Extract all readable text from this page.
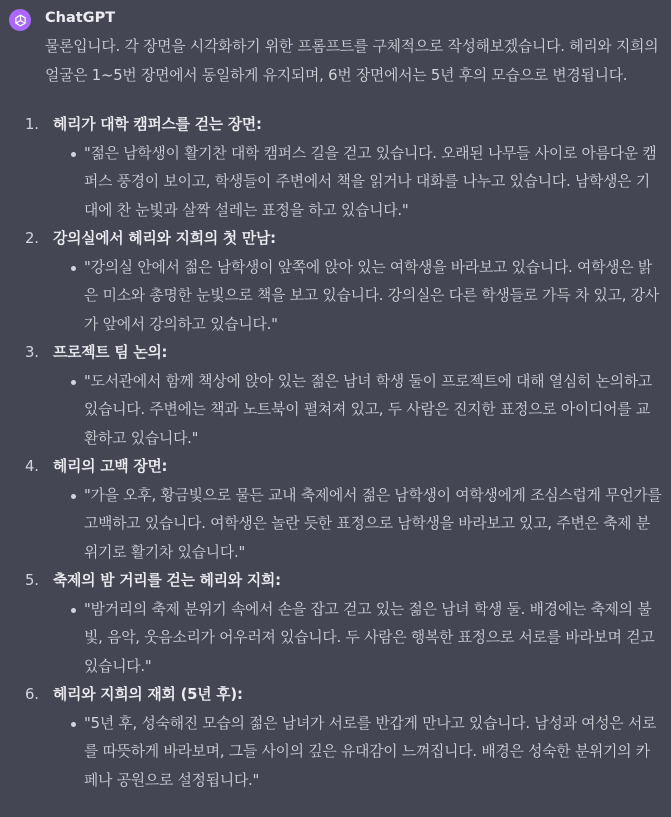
ChatGPT

물론입니다. 각 장면을 시각화하기 위한 프롬프트를 구체적으로 작성해보겠습니다. 헤리와 지희의 얼굴은 1~5번 장면에서 동일하게 유지되며, 6번 장면에서는 5년 후의 모습으로 변경됩니다.

1. 헤리가 대학 캠퍼스를 걷는 장면:
"젊은 남학생이 활기찬 대학 캠퍼스 길을 걷고 있습니다. 오래된 나무들 사이로 아름다운 캠퍼스 풍경이 보이고, 학생들이 주변에서 책을 읽거나 대화를 나누고 있습니다. 남학생은 기대에 찬 눈빛과 살짝 설레는 표정을 하고 있습니다."
2. 강의실에서 헤리와 지희의 첫 만남:
"강의실 안에서 젊은 남학생이 앞쪽에 앉아 있는 여학생을 바라보고 있습니다. 여학생은 밝은 미소와 총명한 눈빛으로 책을 보고 있습니다. 강의실은 다른 학생들로 가득 차 있고, 강사가 앞에서 강의하고 있습니다."
3. 프로젝트 팀 논의:
"도서관에서 함께 책상에 앉아 있는 젊은 남녀 학생 둘이 프로젝트에 대해 열심히 논의하고 있습니다. 주변에는 책과 노트북이 펼쳐져 있고, 두 사람은 진지한 표정으로 아이디어를 교환하고 있습니다."
4. 헤리의 고백 장면:
"가을 오후, 황금빛으로 물든 교내 축제에서 젊은 남학생이 여학생에게 조심스럽게 무언가를 고백하고 있습니다. 여학생은 놀란 듯한 표정으로 남학생을 바라보고 있고, 주변은 축제 분위기로 활기차 있습니다."
5. 축제의 밤 거리를 걷는 헤리와 지희:
"밤거리의 축제 분위기 속에서 손을 잡고 걷고 있는 젊은 남녀 학생 둘. 배경에는 축제의 불빛, 음악, 웃음소리가 어우러져 있습니다. 두 사람은 행복한 표정으로 서로를 바라보며 걷고 있습니다."
6. 헤리와 지희의 재회 (5년 후):
"5년 후, 성숙해진 모습의 젊은 남녀가 서로를 반갑게 만나고 있습니다. 남성과 여성은 서로를 따뜻하게 바라보며, 그들 사이의 깊은 유대감이 느껴집니다. 배경은 성숙한 분위기의 카페나 공원으로 설정됩니다."
